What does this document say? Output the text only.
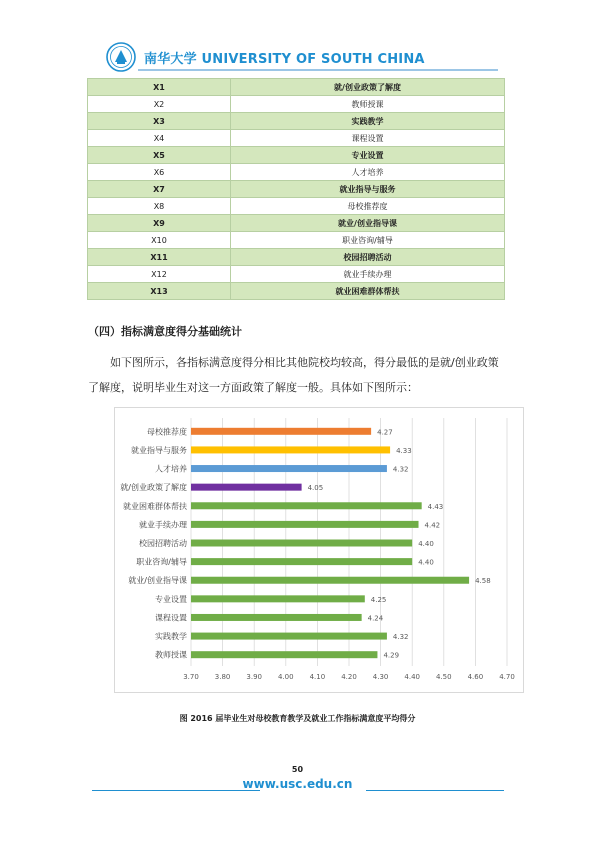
南华大学 UNIVERSITY OF SOUTH CHINA
X1	就/创业政策了解度
X2	教师授课
X3	实践教学
X4	课程设置
X5	专业设置
X6	人才培养
X7	就业指导与服务
X8	母校推荐度
X9	就业/创业指导课
X10	职业咨询/辅导
X11	校园招聘活动
X12	就业手续办理
X13	就业困难群体帮扶
（四）指标满意度得分基础统计
如下图所示，各指标满意度得分相比其他院校均较高，得分最低的是就/创业政策了解度，说明毕业生对这一方面政策了解度一般。具体如下图所示：
3.70 3.80 3.90 4.00 4.10 4.20 4.30 4.40 4.50 4.60 4.70
母校推荐度	4.27
就业指导与服务	4.33
人才培养	4.32
就/创业政策了解度	4.05
就业困难群体帮扶	4.43
就业手续办理	4.42
校园招聘活动	4.40
职业咨询/辅导	4.40
就业/创业指导课	4.58
专业设置	4.25
课程设置	4.24
实践教学	4.32
教师授课	4.29
图 2016 届毕业生对母校教育教学及就业工作指标满意度平均得分
50
www.usc.edu.cn
